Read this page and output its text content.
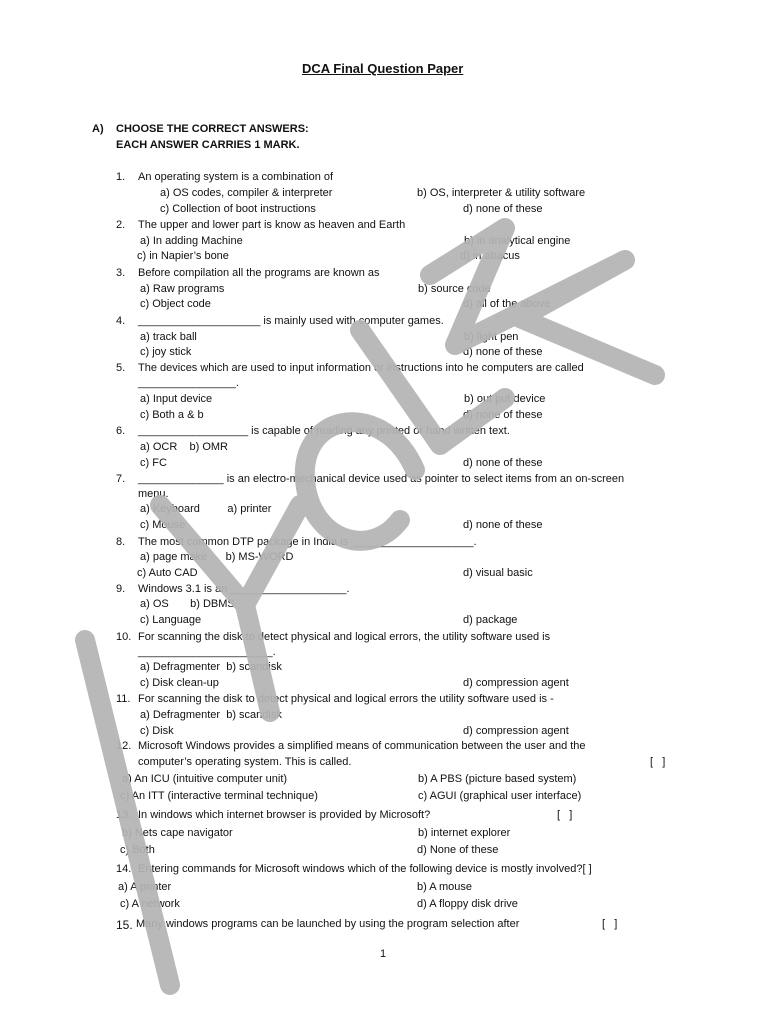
DCA Final Question Paper
A) CHOOSE THE CORRECT ANSWERS:
EACH ANSWER CARRIES 1 MARK.
1. An operating system is a combination of
a) OS codes, compiler & interpreter	b) OS, interpreter & utility software
c) Collection of boot instructions	d) none of these
2. The upper and lower part is know as heaven and Earth
a) In adding Machine	b) in analytical engine
c) in Napier’s bone	d) in abacus
3. Before compilation all the programs are known as
a) Raw programs	b) source code
c) Object code	d) all of the above
4. ____________________ is mainly used with computer games.
a) track ball	b) light pen
c) joy stick	d) none of these
5. The devices which are used to input information or instructions into he computers are called
________________.
a) Input device	b) out put device
c) Both a & b	d) none of these
6. __________________ is capable of reading any printed or hand written text.
a) OCR    b) OMR
c) FC	d) none of these
7. ______________ is an electro-mechanical device used as pointer to select items from an on-screen
menu.
a) Keyboard         a) printer
c) Mouse	d) none of these
8. The most common DTP package in India is ____________________.
a) page make      b) MS-WORD
c) Auto CAD	d) visual basic
9. Windows 3.1 is an ___________________.
a) OS       b) DBMS
c) Language	d) package
10. For scanning the disk to detect physical and logical errors, the utility software used is
______________________.
a) Defragmenter  b) scandisk
c) Disk clean-up	d) compression agent
11. For scanning the disk to detect physical and logical errors the utility software used is -
a) Defragmenter  b) scandisk
c) Disk	d) compression agent
12. Microsoft Windows provides a simplified means of communication between the user and the
computer’s operating system. This is called.	[   ]
a) An ICU (intuitive computer unit)	b) A PBS (picture based system)
c) An ITT (interactive terminal technique)	c) AGUI (graphical user interface)
13. In windows which internet browser is provided by Microsoft?	[   ]
b) Nets cape navigator	b) internet explorer
c) Both	d) None of these
14. Entering commands for Microsoft windows which of the following device is mostly involved?[ ]
a) A printer	b) A mouse
c) A network	d) A floppy disk drive
15. Many windows programs can be launched by using the program selection after	[   ]
1
